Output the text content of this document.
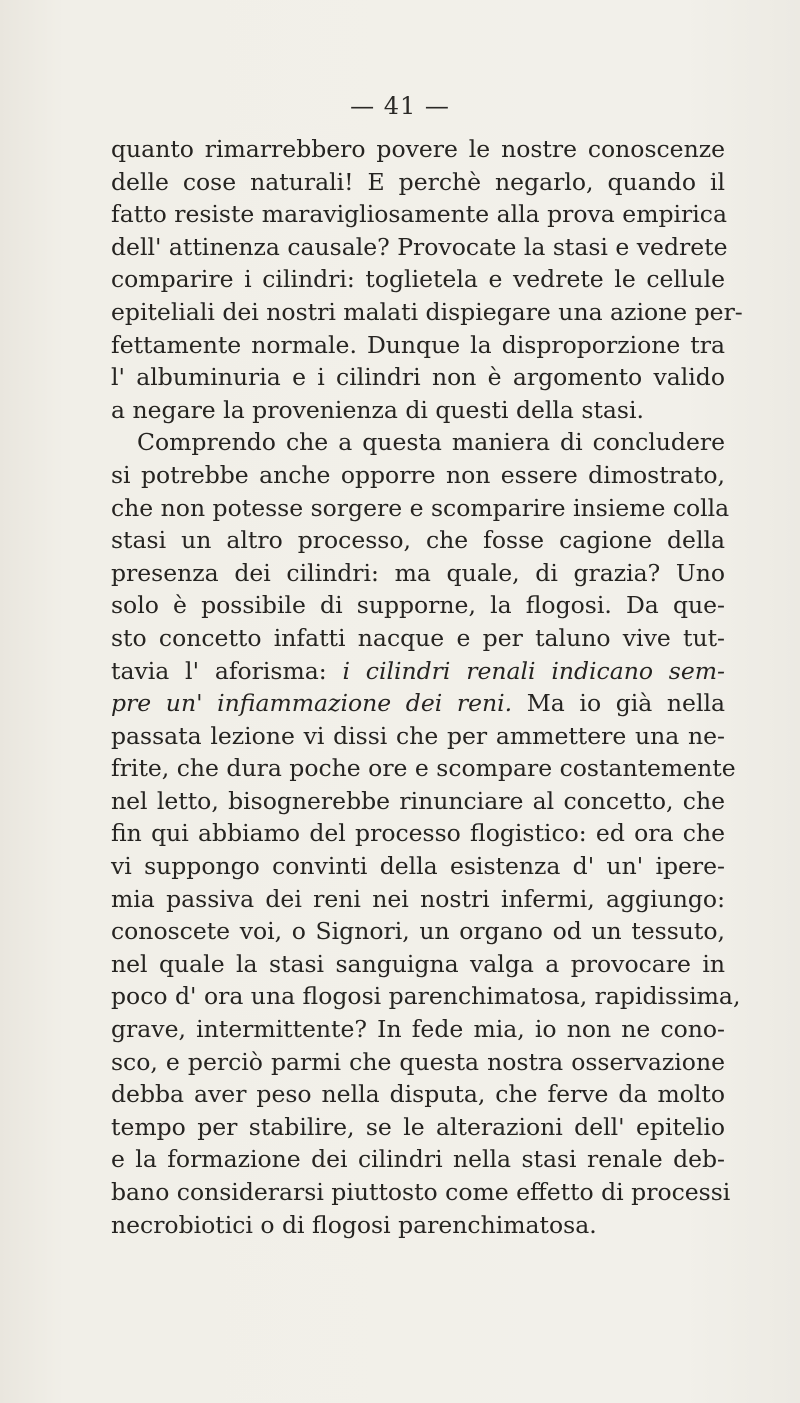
— 41 —
quanto rimarrebbero povere le nostre conoscenze
delle cose naturali! E perchè negarlo, quando il
fatto resiste maravigliosamente alla prova empirica
dell' attinenza causale? Provocate la stasi e vedrete
comparire i cilindri: toglietela e vedrete le cellule
epiteliali dei nostri malati dispiegare una azione per-
fettamente normale. Dunque la disproporzione tra
l' albuminuria e i cilindri non è argomento valido
a negare la provenienza di questi della stasi.
Comprendo che a questa maniera di concludere
si potrebbe anche opporre non essere dimostrato,
che non potesse sorgere e scomparire insieme colla
stasi un altro processo, che fosse cagione della
presenza dei cilindri: ma quale, di grazia? Uno
solo è possibile di supporne, la flogosi. Da que-
sto concetto infatti nacque e per taluno vive tut-
tavia l' aforisma: i cilindri renali indicano sem-
pre un' infiammazione dei reni. Ma io già nella
passata lezione vi dissi che per ammettere una ne-
frite, che dura poche ore e scompare costantemente
nel letto, bisognerebbe rinunciare al concetto, che
fin qui abbiamo del processo flogistico: ed ora che
vi suppongo convinti della esistenza d' un' ipere-
mia passiva dei reni nei nostri infermi, aggiungo:
conoscete voi, o Signori, un organo od un tessuto,
nel quale la stasi sanguigna valga a provocare in
poco d' ora una flogosi parenchimatosa, rapidissima,
grave, intermittente? In fede mia, io non ne cono-
sco, e perciò parmi che questa nostra osservazione
debba aver peso nella disputa, che ferve da molto
tempo per stabilire, se le alterazioni dell' epitelio
e la formazione dei cilindri nella stasi renale deb-
bano considerarsi piuttosto come effetto di processi
necrobiotici o di flogosi parenchimatosa.
